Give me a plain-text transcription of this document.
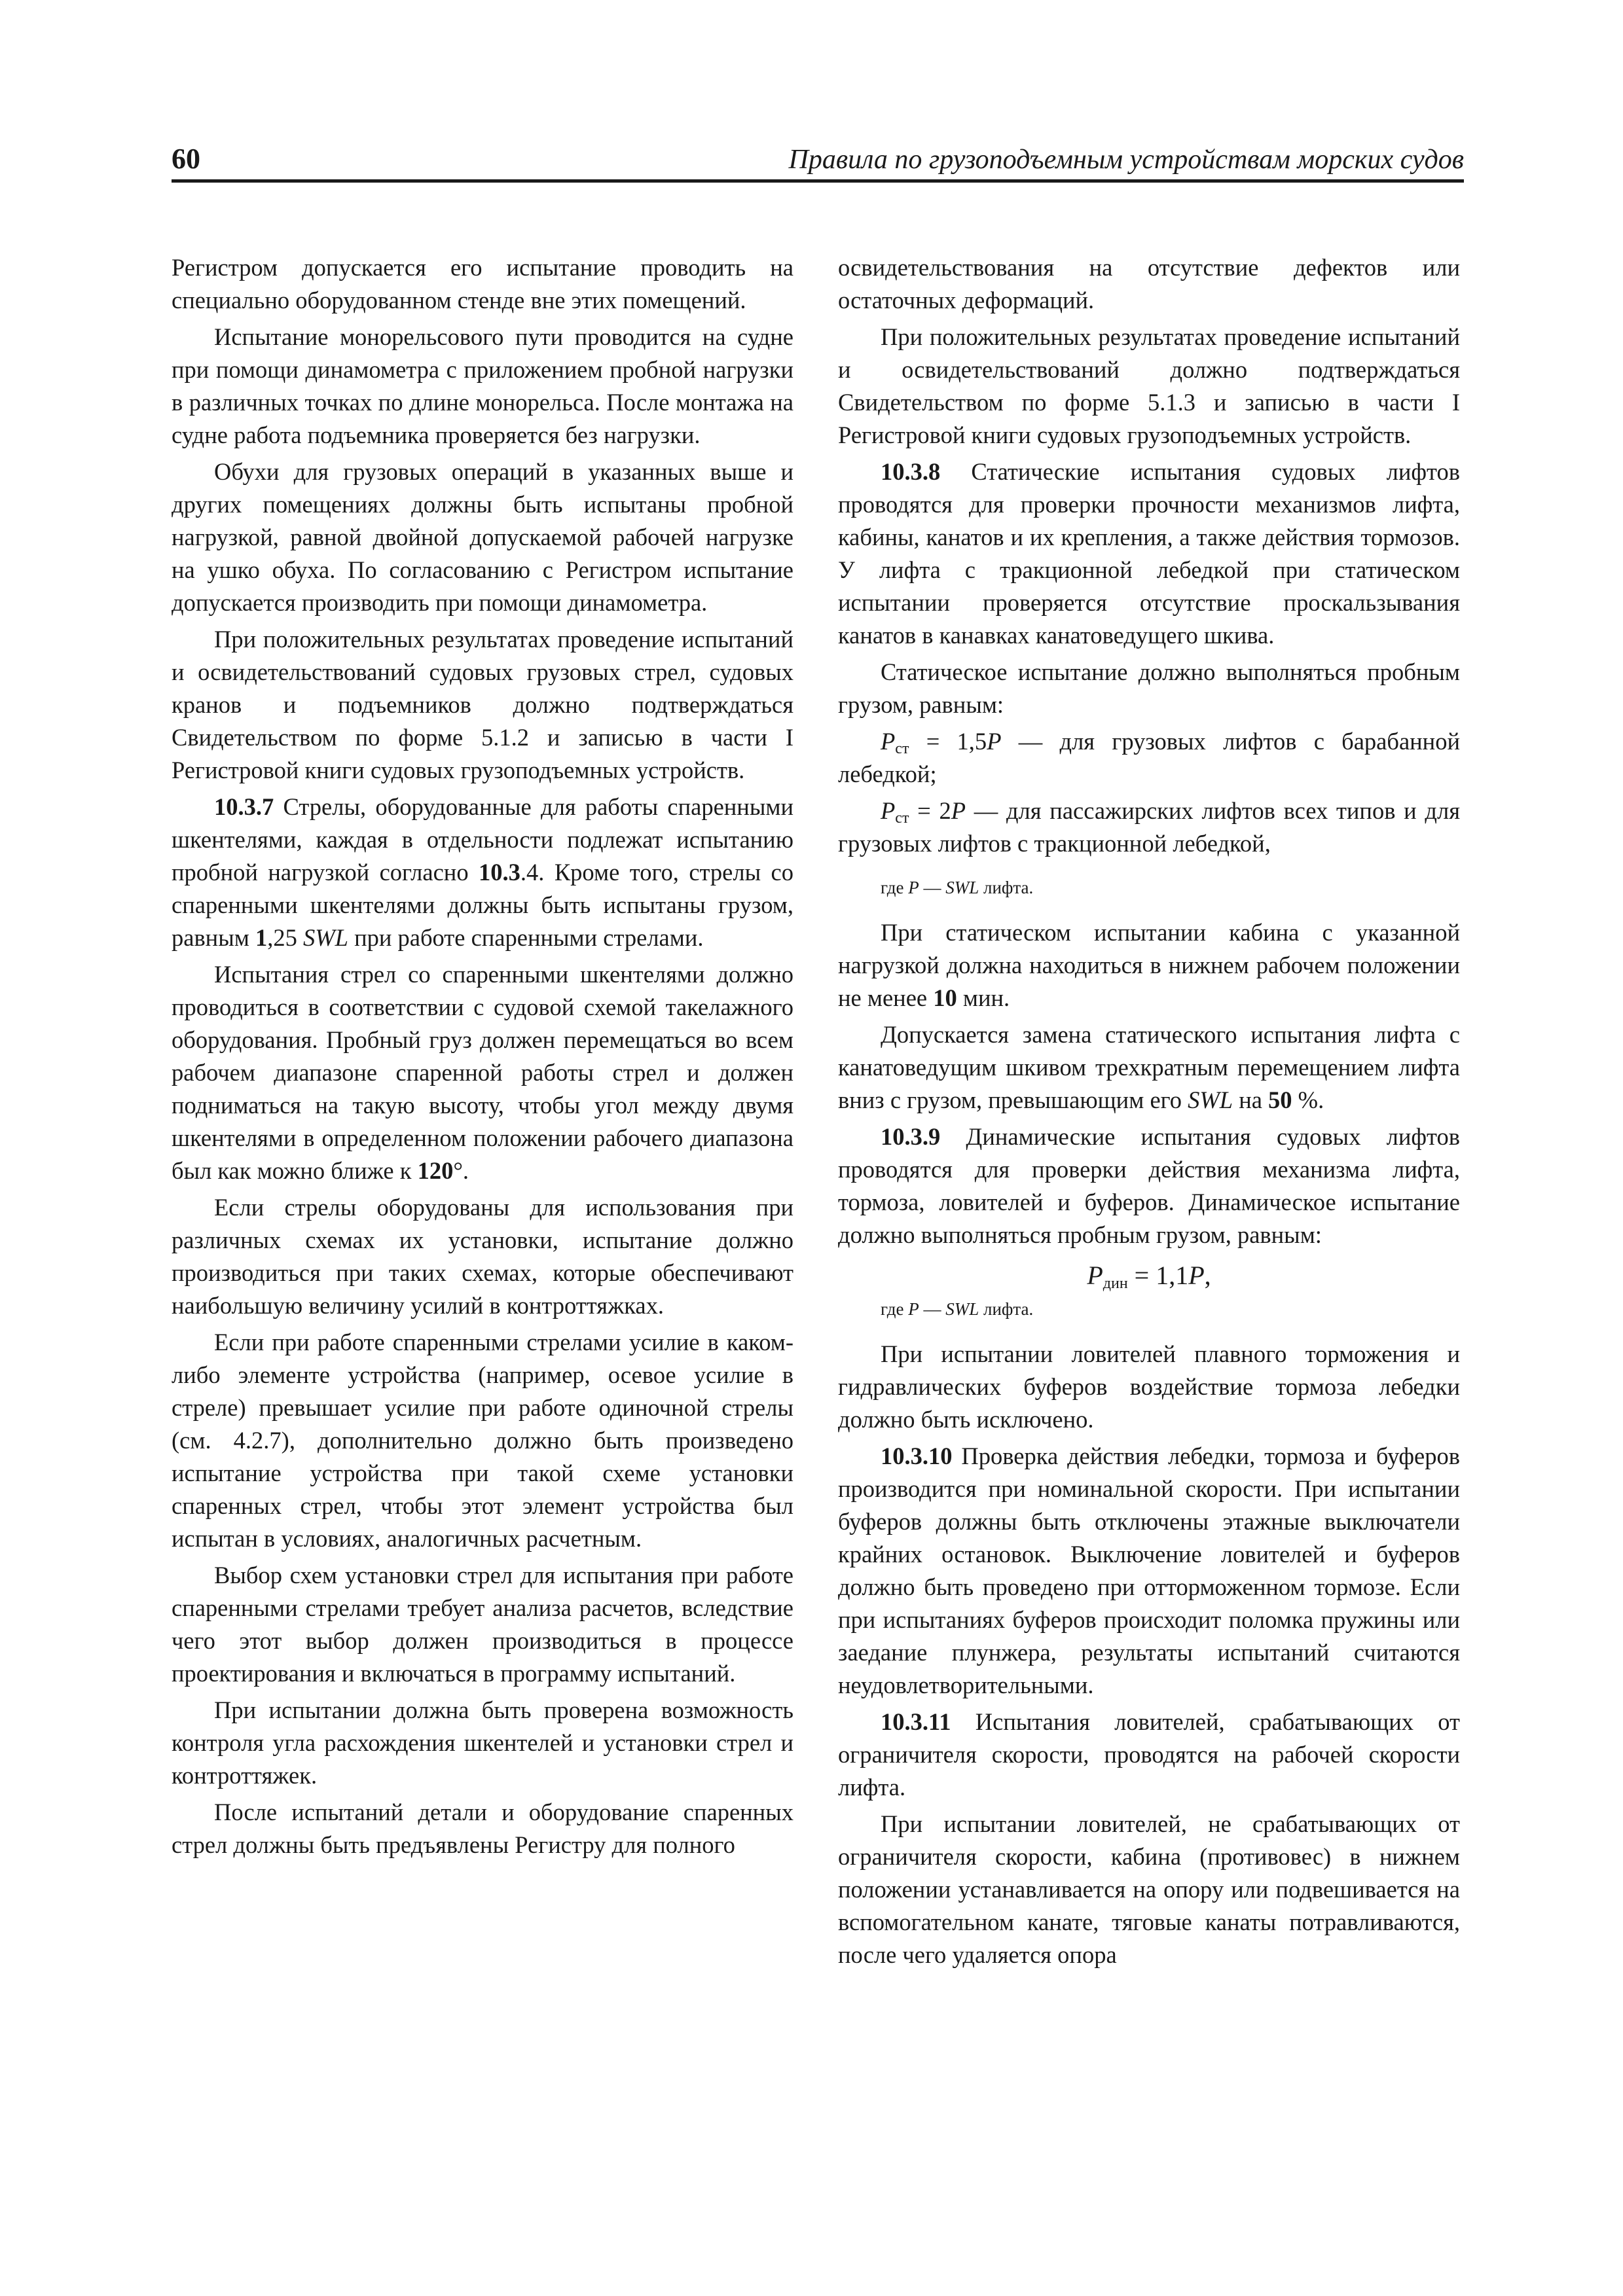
60	Правила по грузоподъемным устройствам морских судов

Регистром допускается его испытание проводить на специально оборудованном стенде вне этих помещений.

Испытание монорельсового пути проводится на судне при помощи динамометра с приложением пробной нагрузки в различных точках по длине монорельса. После монтажа на судне работа подъемника проверяется без нагрузки.

Обухи для грузовых операций в указанных выше и других помещениях должны быть испытаны пробной нагрузкой, равной двойной допускаемой рабочей нагрузке на ушко обуха. По согласованию с Регистром испытание допускается производить при помощи динамометра.

При положительных результатах проведение испытаний и освидетельствований судовых грузовых стрел, судовых кранов и подъемников должно подтверждаться Свидетельством по форме 5.1.2 и записью в части I Регистровой книги судовых грузоподъемных устройств.

10.3.7 Стрелы, оборудованные для работы спаренными шкентелями, каждая в отдельности подлежат испытанию пробной нагрузкой согласно 10.3.4. Кроме того, стрелы со спаренными шкентелями должны быть испытаны грузом, равным 1,25 SWL при работе спаренными стрелами.

Испытания стрел со спаренными шкентелями должно проводиться в соответствии с судовой схемой такелажного оборудования. Пробный груз должен перемещаться во всем рабочем диапазоне спаренной работы стрел и должен подниматься на такую высоту, чтобы угол между двумя шкентелями в определенном положении рабочего диапазона был как можно ближе к 120°.

Если стрелы оборудованы для использования при различных схемах их установки, испытание должно производиться при таких схемах, которые обеспечивают наибольшую величину усилий в контроттяжках.

Если при работе спаренными стрелами усилие в каком-либо элементе устройства (например, осевое усилие в стреле) превышает усилие при работе одиночной стрелы (см. 4.2.7), дополнительно должно быть произведено испытание устройства при такой схеме установки спаренных стрел, чтобы этот элемент устройства был испытан в условиях, аналогичных расчетным.

Выбор схем установки стрел для испытания при работе спаренными стрелами требует анализа расчетов, вследствие чего этот выбор должен производиться в процессе проектирования и включаться в программу испытаний.

При испытании должна быть проверена возможность контроля угла расхождения шкентелей и установки стрел и контроттяжек.

После испытаний детали и оборудование спаренных стрел должны быть предъявлены Регистру для полного

освидетельствования на отсутствие дефектов или остаточных деформаций.

При положительных результатах проведение испытаний и освидетельствований должно подтверждаться Свидетельством по форме 5.1.3 и записью в части I Регистровой книги судовых грузоподъемных устройств.

10.3.8 Статические испытания судовых лифтов проводятся для проверки прочности механизмов лифта, кабины, канатов и их крепления, а также действия тормозов. У лифта с тракционной лебедкой при статическом испытании проверяется отсутствие проскальзывания канатов в канавках канатоведущего шкива.

Статическое испытание должно выполняться пробным грузом, равным:

$P_{ст} = 1,5P$ — для грузовых лифтов с барабанной лебедкой;

$P_{ст} = 2P$ — для пассажирских лифтов всех типов и для грузовых лифтов с тракционной лебедкой,

где P — SWL лифта.

При статическом испытании кабина с указанной нагрузкой должна находиться в нижнем рабочем положении не менее 10 мин.

Допускается замена статического испытания лифта с канатоведущим шкивом трехкратным перемещением лифта вниз с грузом, превышающим его SWL на 50 %.

10.3.9 Динамические испытания судовых лифтов проводятся для проверки действия механизма лифта, тормоза, ловителей и буферов. Динамическое испытание должно выполняться пробным грузом, равным:

$P_{дин} = 1,1P$,

где P — SWL лифта.

При испытании ловителей плавного торможения и гидравлических буферов воздействие тормоза лебедки должно быть исключено.

10.3.10 Проверка действия лебедки, тормоза и буферов производится при номинальной скорости. При испытании буферов должны быть отключены этажные выключатели крайних остановок. Выключение ловителей и буферов должно быть проведено при отторможенном тормозе. Если при испытаниях буферов происходит поломка пружины или заедание плунжера, результаты испытаний считаются неудовлетворительными.

10.3.11 Испытания ловителей, срабатывающих от ограничителя скорости, проводятся на рабочей скорости лифта.

При испытании ловителей, не срабатывающих от ограничителя скорости, кабина (противовес) в нижнем положении устанавливается на опору или подвешивается на вспомогательном канате, тяговые канаты потравливаются, после чего удаляется опора
